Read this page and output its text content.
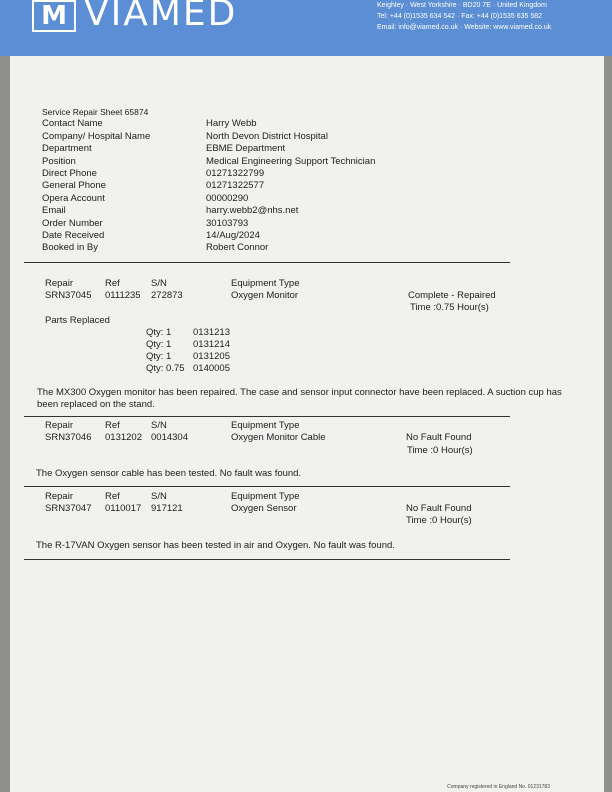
M VIAMED	Keighley · West Yorkshire · BD20 7E · United Kingdom
Tel: +44 (0)1535 634 542 · Fax: +44 (0)1535 635 582
Email: info@viamed.co.uk · Website: www.viamed.co.uk
Service Repair Sheet 65874
Contact Name	Harry Webb
Company/ Hospital Name	North Devon District Hospital
Department	EBME Department
Position	Medical Engineering Support Technician
Direct Phone	01271322799
General Phone	01271322577
Opera Account	00000290
Email	harry.webb2@nhs.net
Order Number	30103793
Date Received	14/Aug/2024
Booked in By	Robert Connor
Repair	Ref	S/N	Equipment Type
SRN37045 0111235 272873	Oxygen Monitor	Complete - Repaired
Time :0.75 Hour(s)
Parts Replaced
Qty: 1 0131213
Qty: 1 0131214
Qty: 1 0131205
Qty: 0.75 0140005
The MX300 Oxygen monitor has been repaired. The case and sensor input connector have been replaced. A suction cup has been replaced on the stand.
Repair	Ref	S/N	Equipment Type
SRN37046 0131202 0014304	Oxygen Monitor Cable	No Fault Found
Time :0 Hour(s)
The Oxygen sensor cable has been tested. No fault was found.
Repair	Ref	S/N	Equipment Type
SRN37047 0110017 917121	Oxygen Sensor	No Fault Found
Time :0 Hour(s)
The R-17VAN Oxygen sensor has been tested in air and Oxygen. No fault was found.
Company registered in England No. 01231783
